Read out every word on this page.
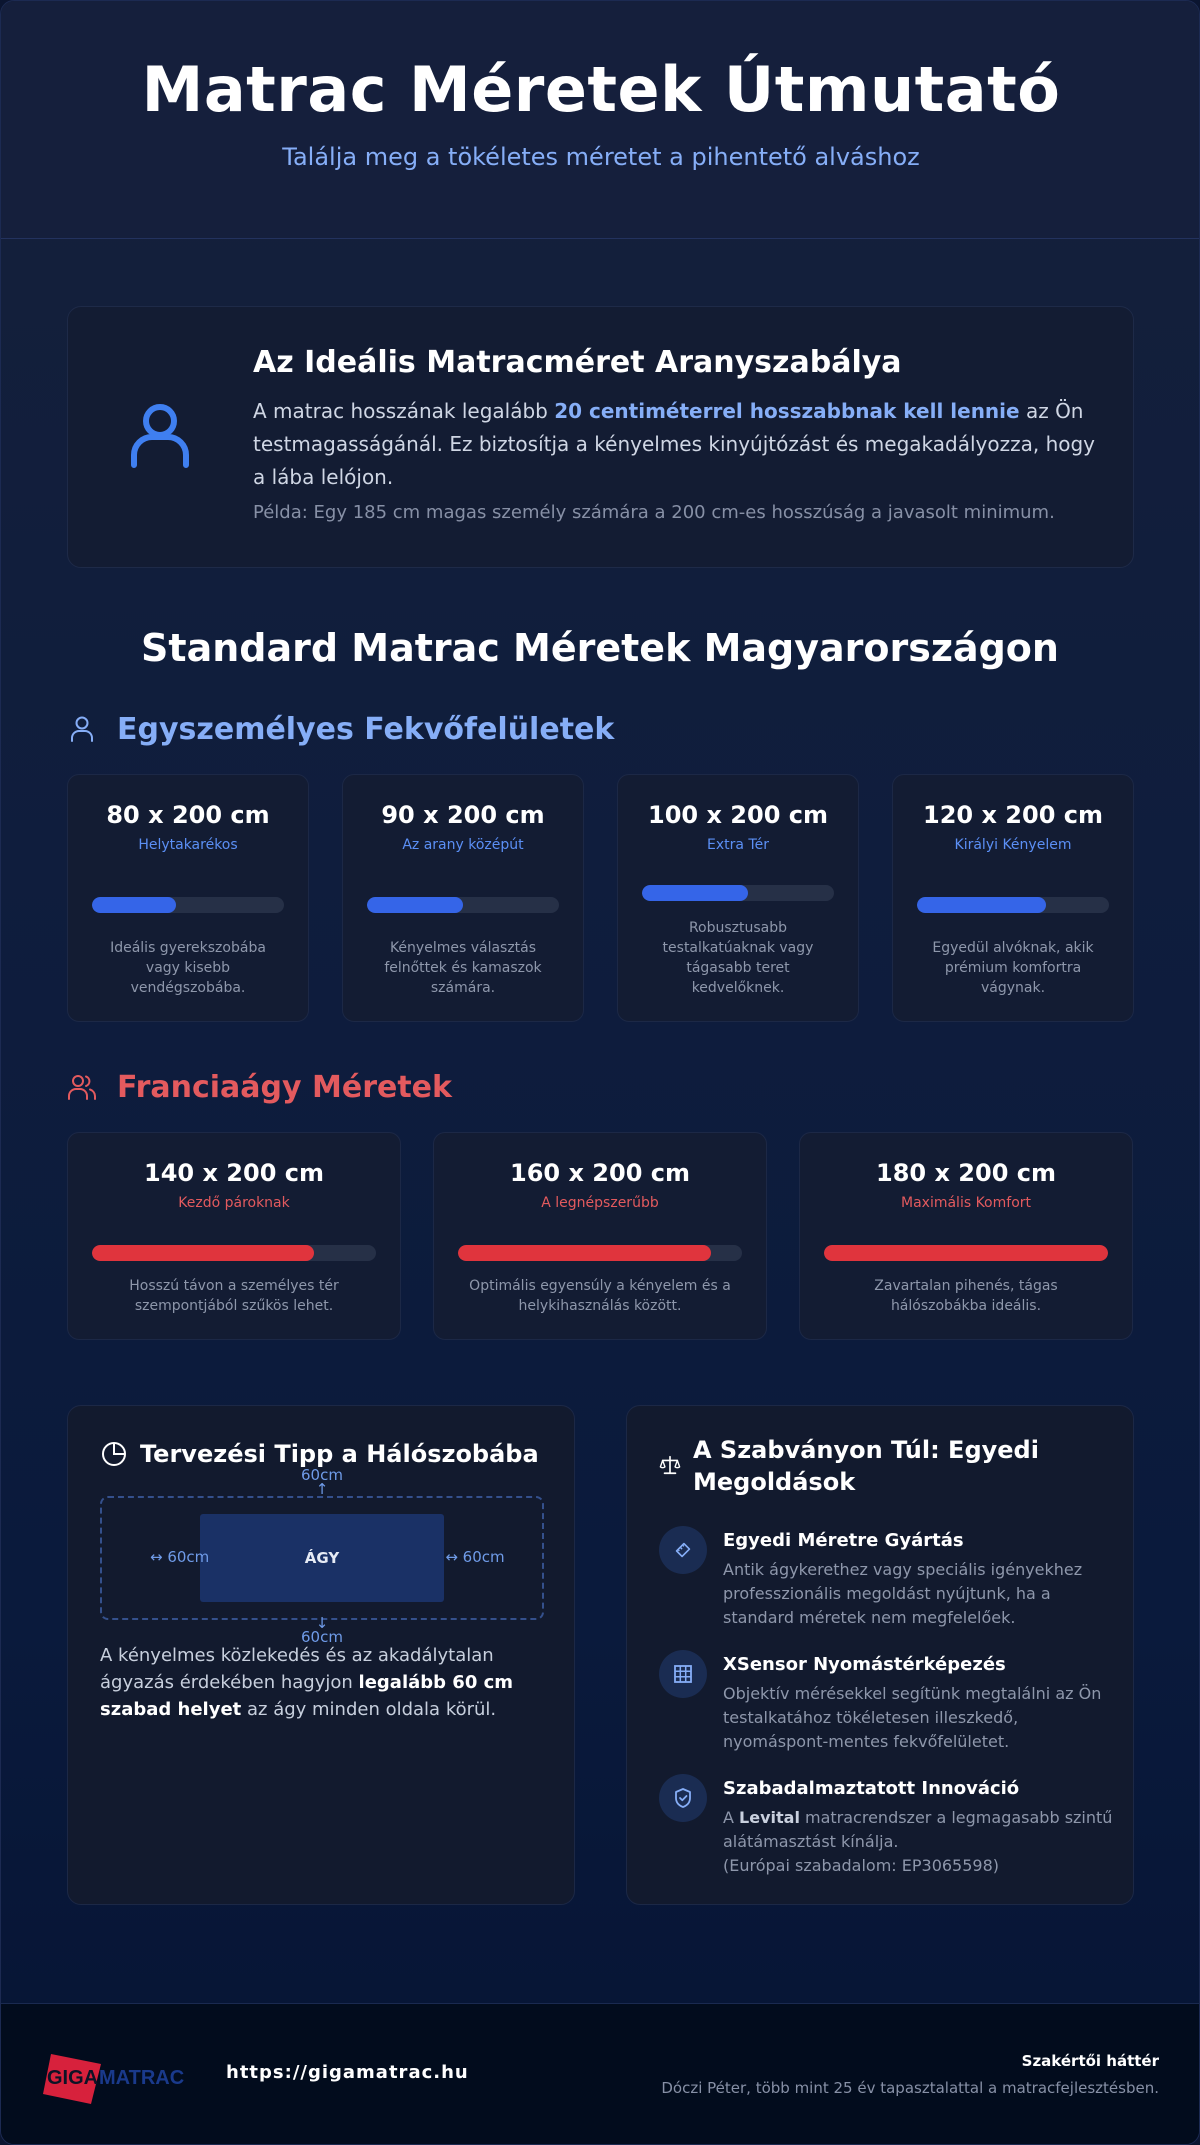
Matrac Méretek Útmutató
Találja meg a tökéletes méretet a pihentető alváshoz
Az Ideális Matracméret Aranyszabálya
A matrac hosszának legalább 20 centiméterrel hosszabbnak kell lennie az Ön testmagasságánál. Ez biztosítja a kényelmes kinyújtózást és megakadályozza, hogy a lába lelójon.
Példa: Egy 185 cm magas személy számára a 200 cm-es hosszúság a javasolt minimum.
Standard Matrac Méretek Magyarországon
Egyszemélyes Fekvőfelületek
80 x 200 cm
Helytakarékos
Ideális gyerekszobába vagy kisebb vendégszobába.
90 x 200 cm
Az arany középút
Kényelmes választás felnőttek és kamaszok számára.
100 x 200 cm
Extra Tér
Robusztusabb testalkatúaknak vagy tágasabb teret kedvelőknek.
120 x 200 cm
Királyi Kényelem
Egyedül alvóknak, akik prémium komfortra vágynak.
Franciaágy Méretek
140 x 200 cm
Kezdő pároknak
Hosszú távon a személyes tér szempontjából szűkös lehet.
160 x 200 cm
A legnépszerűbb
Optimális egyensúly a kényelem és a helykihasználás között.
180 x 200 cm
Maximális Komfort
Zavartalan pihenés, tágas hálószobákba ideális.
Tervezési Tipp a Hálószobába
60cm
↑
ÁGY
↔ 60cm	↔ 60cm
↓
60cm
A kényelmes közlekedés és az akadálytalan ágyazás érdekében hagyjon legalább 60 cm szabad helyet az ágy minden oldala körül.
A Szabványon Túl: Egyedi Megoldások
Egyedi Méretre Gyártás
Antik ágykerethez vagy speciális igényekhez professzionális megoldást nyújtunk, ha a standard méretek nem megfelelőek.
XSensor Nyomástérképezés
Objektív mérésekkel segítünk megtalálni az Ön testalkatához tökéletesen illeszkedő, nyomáspont-mentes fekvőfelületet.
Szabadalmaztatott Innováció
A Levital matracrendszer a legmagasabb szintű alátámasztást kínálja.
(Európai szabadalom: EP3065598)
GIGA MATRAC https://gigamatrac.hu
Szakértői háttér
Dóczi Péter, több mint 25 év tapasztalattal a matracfejlesztésben.
